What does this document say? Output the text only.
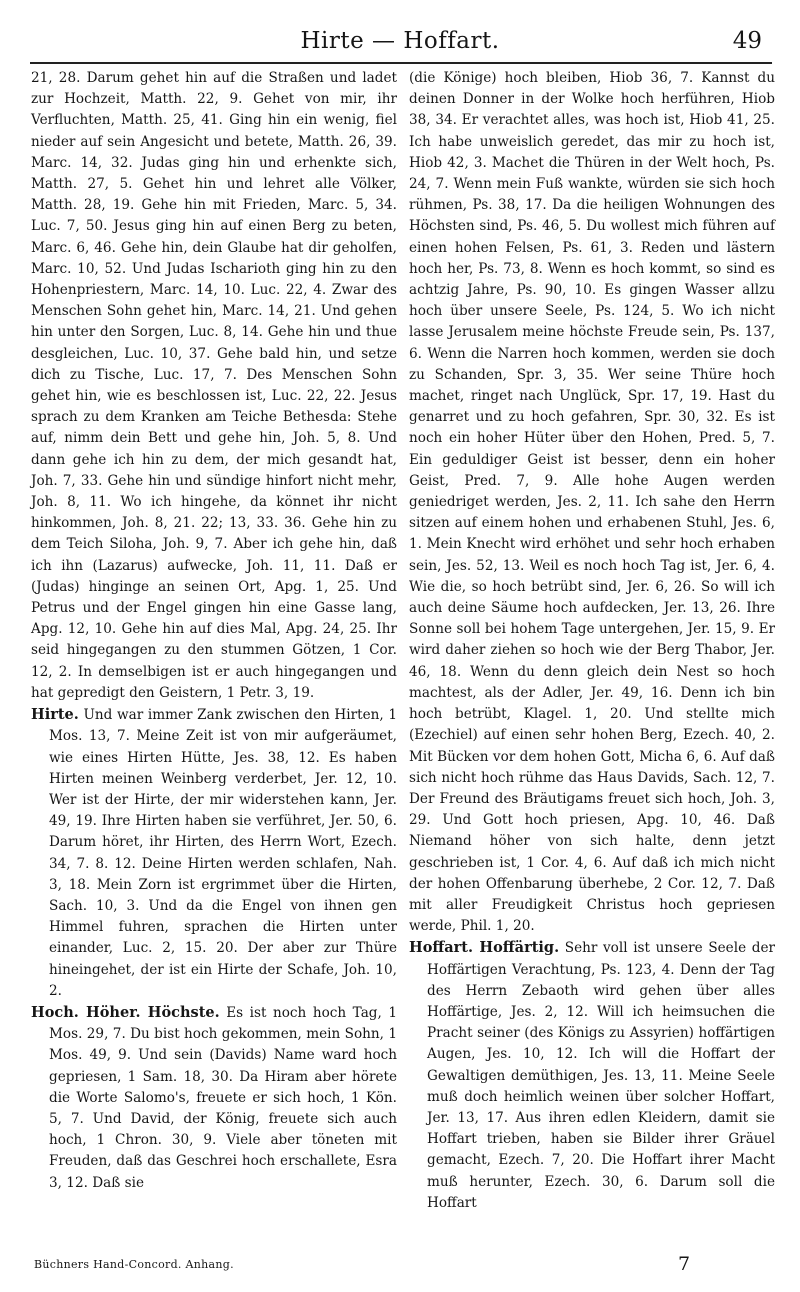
Hirte — Hoffart.	49

21, 28. Darum gehet hin auf die Straßen und ladet zur Hochzeit, Matth. 22, 9. Gehet von mir, ihr Verfluchten, Matth. 25, 41. Ging hin ein wenig, fiel nieder auf sein Angesicht und betete, Matth. 26, 39. Marc. 14, 32. Judas ging hin und erhenkte sich, Matth. 27, 5. Gehet hin und lehret alle Völker, Matth. 28, 19. Gehe hin mit Frieden, Marc. 5, 34. Luc. 7, 50. Jesus ging hin auf einen Berg zu beten, Marc. 6, 46. Gehe hin, dein Glaube hat dir geholfen, Marc. 10, 52. Und Judas Ischarioth ging hin zu den Hohenpriestern, Marc. 14, 10. Luc. 22, 4. Zwar des Menschen Sohn gehet hin, Marc. 14, 21. Und gehen hin unter den Sorgen, Luc. 8, 14. Gehe hin und thue desgleichen, Luc. 10, 37. Gehe bald hin, und setze dich zu Tische, Luc. 17, 7. Des Menschen Sohn gehet hin, wie es beschlossen ist, Luc. 22, 22. Jesus sprach zu dem Kranken am Teiche Bethesda: Stehe auf, nimm dein Bett und gehe hin, Joh. 5, 8. Und dann gehe ich hin zu dem, der mich gesandt hat, Joh. 7, 33. Gehe hin und sündige hinfort nicht mehr, Joh. 8, 11. Wo ich hingehe, da könnet ihr nicht hinkommen, Joh. 8, 21. 22; 13, 33. 36. Gehe hin zu dem Teich Siloha, Joh. 9, 7. Aber ich gehe hin, daß ich ihn (Lazarus) aufwecke, Joh. 11, 11. Daß er (Judas) hinginge an seinen Ort, Apg. 1, 25. Und Petrus und der Engel gingen hin eine Gasse lang, Apg. 12, 10. Gehe hin auf dies Mal, Apg. 24, 25. Ihr seid hingegangen zu den stummen Götzen, 1 Cor. 12, 2. In demselbigen ist er auch hingegangen und hat gepredigt den Geistern, 1 Petr. 3, 19.

Hirte. Und war immer Zank zwischen den Hirten, 1 Mos. 13, 7. Meine Zeit ist von mir aufgeräumet, wie eines Hirten Hütte, Jes. 38, 12. Es haben Hirten meinen Weinberg verderbet, Jer. 12, 10. Wer ist der Hirte, der mir widerstehen kann, Jer. 49, 19. Ihre Hirten haben sie verführet, Jer. 50, 6. Darum höret, ihr Hirten, des Herrn Wort, Ezech. 34, 7. 8. 12. Deine Hirten werden schlafen, Nah. 3, 18. Mein Zorn ist ergrimmet über die Hirten, Sach. 10, 3. Und da die Engel von ihnen gen Himmel fuhren, sprachen die Hirten unter einander, Luc. 2, 15. 20. Der aber zur Thüre hineingehet, der ist ein Hirte der Schafe, Joh. 10, 2.

Hoch. Höher. Höchste. Es ist noch hoch Tag, 1 Mos. 29, 7. Du bist hoch gekommen, mein Sohn, 1 Mos. 49, 9. Und sein (Davids) Name ward hoch gepriesen, 1 Sam. 18, 30. Da Hiram aber hörete die Worte Salomo's, freuete er sich hoch, 1 Kön. 5, 7. Und David, der König, freuete sich auch hoch, 1 Chron. 30, 9. Viele aber töneten mit Freuden, daß das Geschrei hoch erschallete, Esra 3, 12. Daß sie

(die Könige) hoch bleiben, Hiob 36, 7. Kannst du deinen Donner in der Wolke hoch herführen, Hiob 38, 34. Er verachtet alles, was hoch ist, Hiob 41, 25. Ich habe unweislich geredet, das mir zu hoch ist, Hiob 42, 3. Machet die Thüren in der Welt hoch, Ps. 24, 7. Wenn mein Fuß wankte, würden sie sich hoch rühmen, Ps. 38, 17. Da die heiligen Wohnungen des Höchsten sind, Ps. 46, 5. Du wollest mich führen auf einen hohen Felsen, Ps. 61, 3. Reden und lästern hoch her, Ps. 73, 8. Wenn es hoch kommt, so sind es achtzig Jahre, Ps. 90, 10. Es gingen Wasser allzu hoch über unsere Seele, Ps. 124, 5. Wo ich nicht lasse Jerusalem meine höchste Freude sein, Ps. 137, 6. Wenn die Narren hoch kommen, werden sie doch zu Schanden, Spr. 3, 35. Wer seine Thüre hoch machet, ringet nach Unglück, Spr. 17, 19. Hast du genarret und zu hoch gefahren, Spr. 30, 32. Es ist noch ein hoher Hüter über den Hohen, Pred. 5, 7. Ein geduldiger Geist ist besser, denn ein hoher Geist, Pred. 7, 9. Alle hohe Augen werden geniedriget werden, Jes. 2, 11. Ich sahe den Herrn sitzen auf einem hohen und erhabenen Stuhl, Jes. 6, 1. Mein Knecht wird erhöhet und sehr hoch erhaben sein, Jes. 52, 13. Weil es noch hoch Tag ist, Jer. 6, 4. Wie die, so hoch betrübt sind, Jer. 6, 26. So will ich auch deine Säume hoch aufdecken, Jer. 13, 26. Ihre Sonne soll bei hohem Tage untergehen, Jer. 15, 9. Er wird daher ziehen so hoch wie der Berg Thabor, Jer. 46, 18. Wenn du denn gleich dein Nest so hoch machtest, als der Adler, Jer. 49, 16. Denn ich bin hoch betrübt, Klagel. 1, 20. Und stellte mich (Ezechiel) auf einen sehr hohen Berg, Ezech. 40, 2. Mit Bücken vor dem hohen Gott, Micha 6, 6. Auf daß sich nicht hoch rühme das Haus Davids, Sach. 12, 7. Der Freund des Bräutigams freuet sich hoch, Joh. 3, 29. Und Gott hoch priesen, Apg. 10, 46. Daß Niemand höher von sich halte, denn jetzt geschrieben ist, 1 Cor. 4, 6. Auf daß ich mich nicht der hohen Offenbarung überhebe, 2 Cor. 12, 7. Daß mit aller Freudigkeit Christus hoch gepriesen werde, Phil. 1, 20.

Hoffart. Hoffärtig. Sehr voll ist unsere Seele der Hoffärtigen Verachtung, Ps. 123, 4. Denn der Tag des Herrn Zebaoth wird gehen über alles Hoffärtige, Jes. 2, 12. Will ich heimsuchen die Pracht seiner (des Königs zu Assyrien) hoffärtigen Augen, Jes. 10, 12. Ich will die Hoffart der Gewaltigen demüthigen, Jes. 13, 11. Meine Seele muß doch heimlich weinen über solcher Hoffart, Jer. 13, 17. Aus ihren edlen Kleidern, damit sie Hoffart trieben, haben sie Bilder ihrer Gräuel gemacht, Ezech. 7, 20. Die Hoffart ihrer Macht muß herunter, Ezech. 30, 6. Darum soll die Hoffart

Büchners Hand-Concord. Anhang.	7
